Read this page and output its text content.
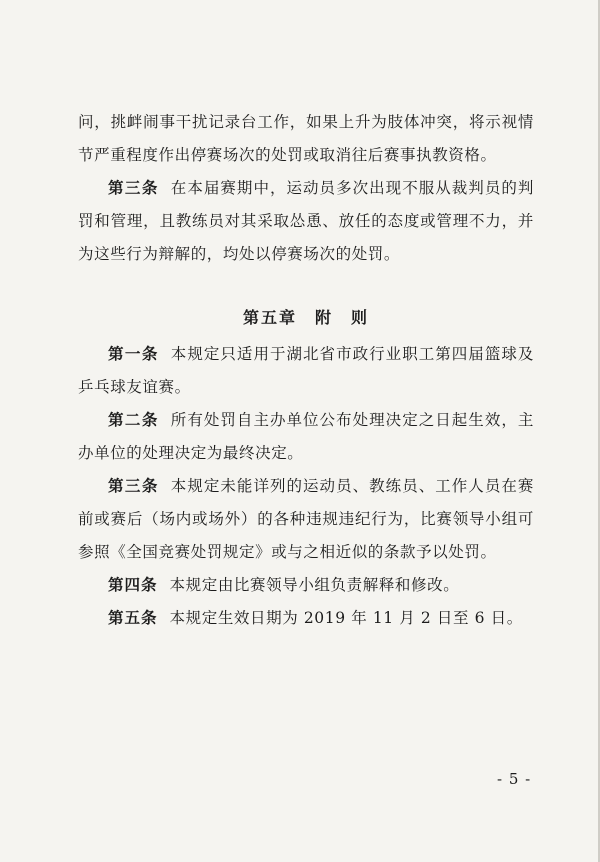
问，挑衅闹事干扰记录台工作，如果上升为肢体冲突，将示视情节严重程度作出停赛场次的处罚或取消往后赛事执教资格。

第三条 在本届赛期中，运动员多次出现不服从裁判员的判罚和管理，且教练员对其采取怂恿、放任的态度或管理不力，并为这些行为辩解的，均处以停赛场次的处罚。

第五章　附　则

第一条 本规定只适用于湖北省市政行业职工第四届篮球及乒乓球友谊赛。

第二条 所有处罚自主办单位公布处理决定之日起生效，主办单位的处理决定为最终决定。

第三条 本规定未能详列的运动员、教练员、工作人员在赛前或赛后（场内或场外）的各种违规违纪行为，比赛领导小组可参照《全国竞赛处罚规定》或与之相近似的条款予以处罚。

第四条 本规定由比赛领导小组负责解释和修改。

第五条 本规定生效日期为 2019 年 11 月 2 日至 6 日。

- 5 -
